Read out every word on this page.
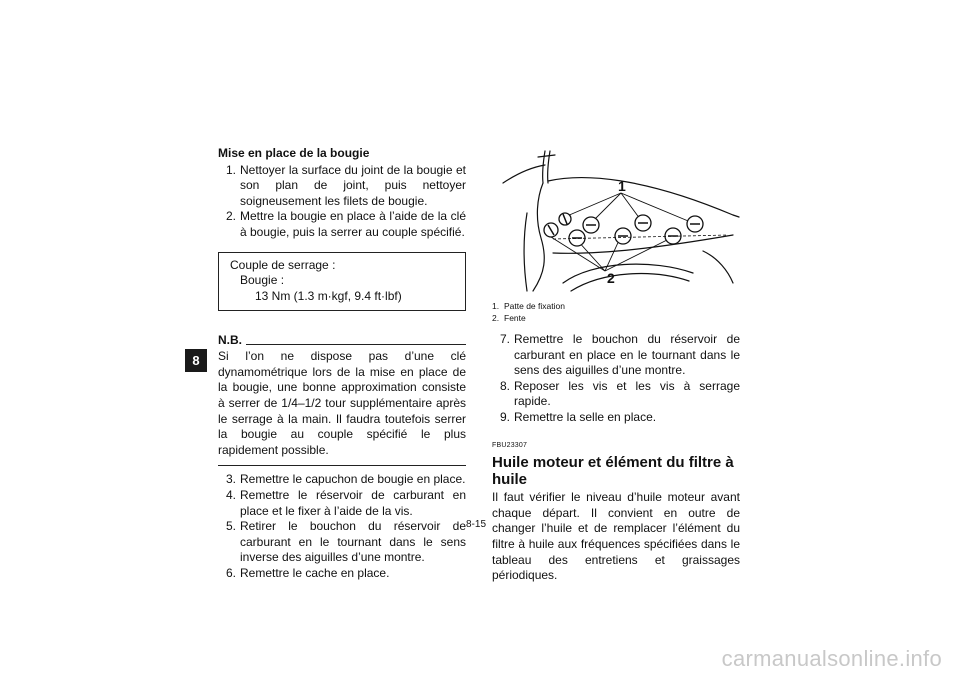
8
Mise en place de la bougie
1. Nettoyer la surface du joint de la bougie et son plan de joint, puis nettoyer soigneusement les filets de bougie.
2. Mettre la bougie en place à l’aide de la clé à bougie, puis la serrer au couple spécifié.
Couple de serrage :
Bougie :
13 Nm (1.3 m·kgf, 9.4 ft·lbf)
N.B.
Si l’on ne dispose pas d’une clé dynamométrique lors de la mise en place de la bougie, une bonne approximation consiste à serrer de 1/4–1/2 tour supplémentaire après le serrage à la main. Il faudra toutefois serrer la bougie au couple spécifié le plus rapidement possible.
3. Remettre le capuchon de bougie en place.
4. Remettre le réservoir de carburant en place et le fixer à l’aide de la vis.
5. Retirer le bouchon du réservoir de carburant en le tournant dans le sens inverse des aiguilles d’une montre.
6. Remettre le cache en place.
1
2
1. Patte de fixation
2. Fente
7. Remettre le bouchon du réservoir de carburant en place en le tournant dans le sens des aiguilles d’une montre.
8. Reposer les vis et les vis à serrage rapide.
9. Remettre la selle en place.
FBU23307
Huile moteur et élément du filtre à huile

Il faut vérifier le niveau d’huile moteur avant chaque départ. Il convient en outre de changer l’huile et de remplacer l’élément du filtre à huile aux fréquences spécifiées dans le tableau des entretiens et graissages périodiques.

8-15
carmanualsonline.info
